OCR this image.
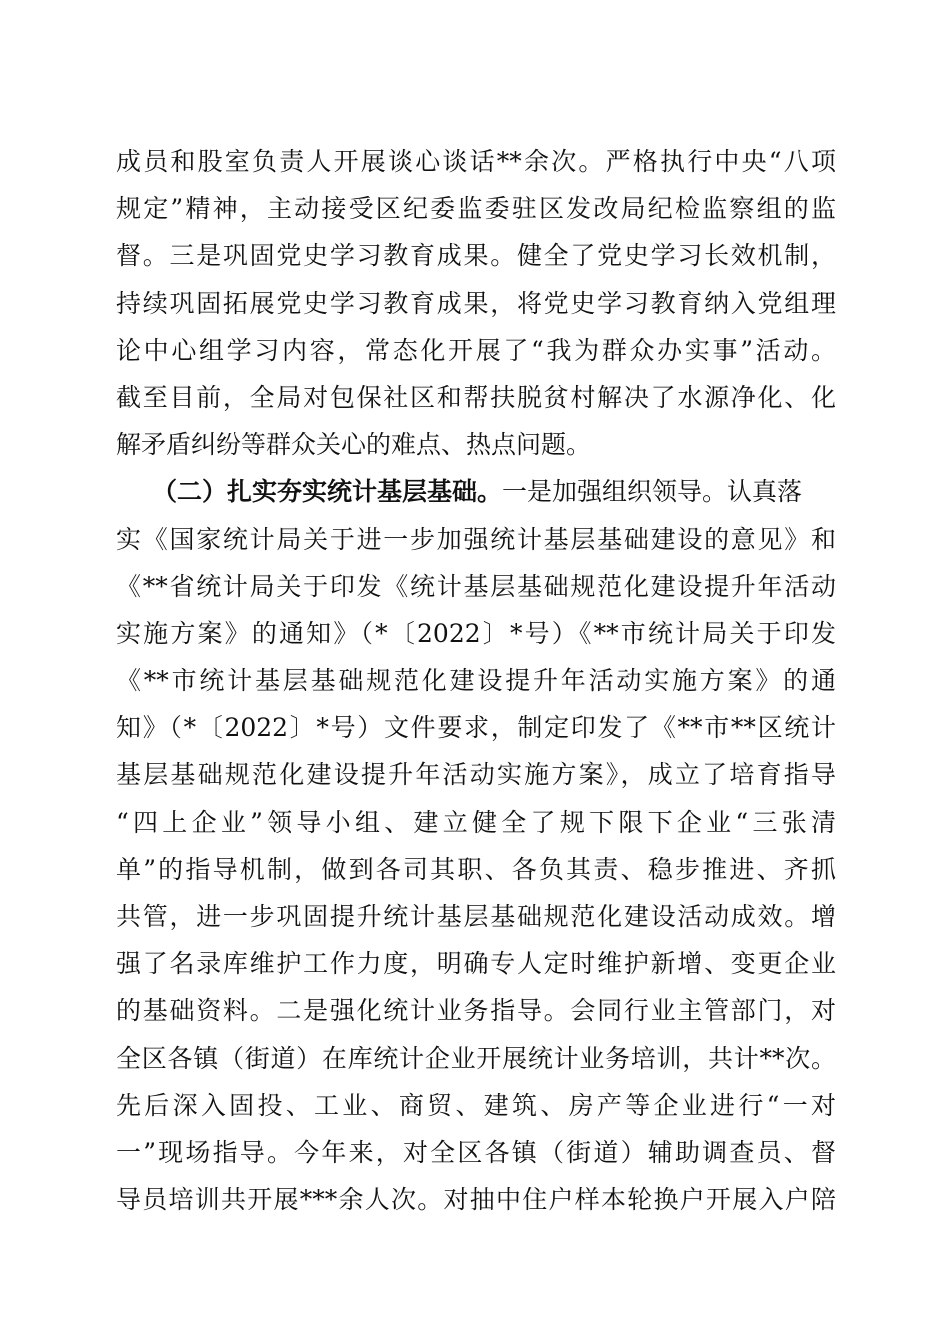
成员和股室负责人开展谈心谈话**余次。严格执行中央“八项
规定”精神，主动接受区纪委监委驻区发改局纪检监察组的监
督。三是巩固党史学习教育成果。健全了党史学习长效机制，
持续巩固拓展党史学习教育成果，将党史学习教育纳入党组理
论中心组学习内容，常态化开展了“我为群众办实事”活动。
截至目前，全局对包保社区和帮扶脱贫村解决了水源净化、化
解矛盾纠纷等群众关心的难点、热点问题。
（二）扎实夯实统计基层基础。一是加强组织领导。认真落
实《国家统计局关于进一步加强统计基层基础建设的意见》和
《**省统计局关于印发《统计基层基础规范化建设提升年活动
实施方案》的通知》（*〔2022〕*号）《**市统计局关于印发
《**市统计基层基础规范化建设提升年活动实施方案》的通
知》（*〔2022〕*号）文件要求，制定印发了《**市**区统计
基层基础规范化建设提升年活动实施方案》，成立了培育指导
“四上企业”领导小组、建立健全了规下限下企业“三张清
单”的指导机制，做到各司其职、各负其责、稳步推进、齐抓
共管，进一步巩固提升统计基层基础规范化建设活动成效。增
强了名录库维护工作力度，明确专人定时维护新增、变更企业
的基础资料。二是强化统计业务指导。会同行业主管部门，对
全区各镇（街道）在库统计企业开展统计业务培训，共计**次。
先后深入固投、工业、商贸、建筑、房产等企业进行“一对
一”现场指导。今年来，对全区各镇（街道）辅助调查员、督
导员培训共开展***余人次。对抽中住户样本轮换户开展入户陪
